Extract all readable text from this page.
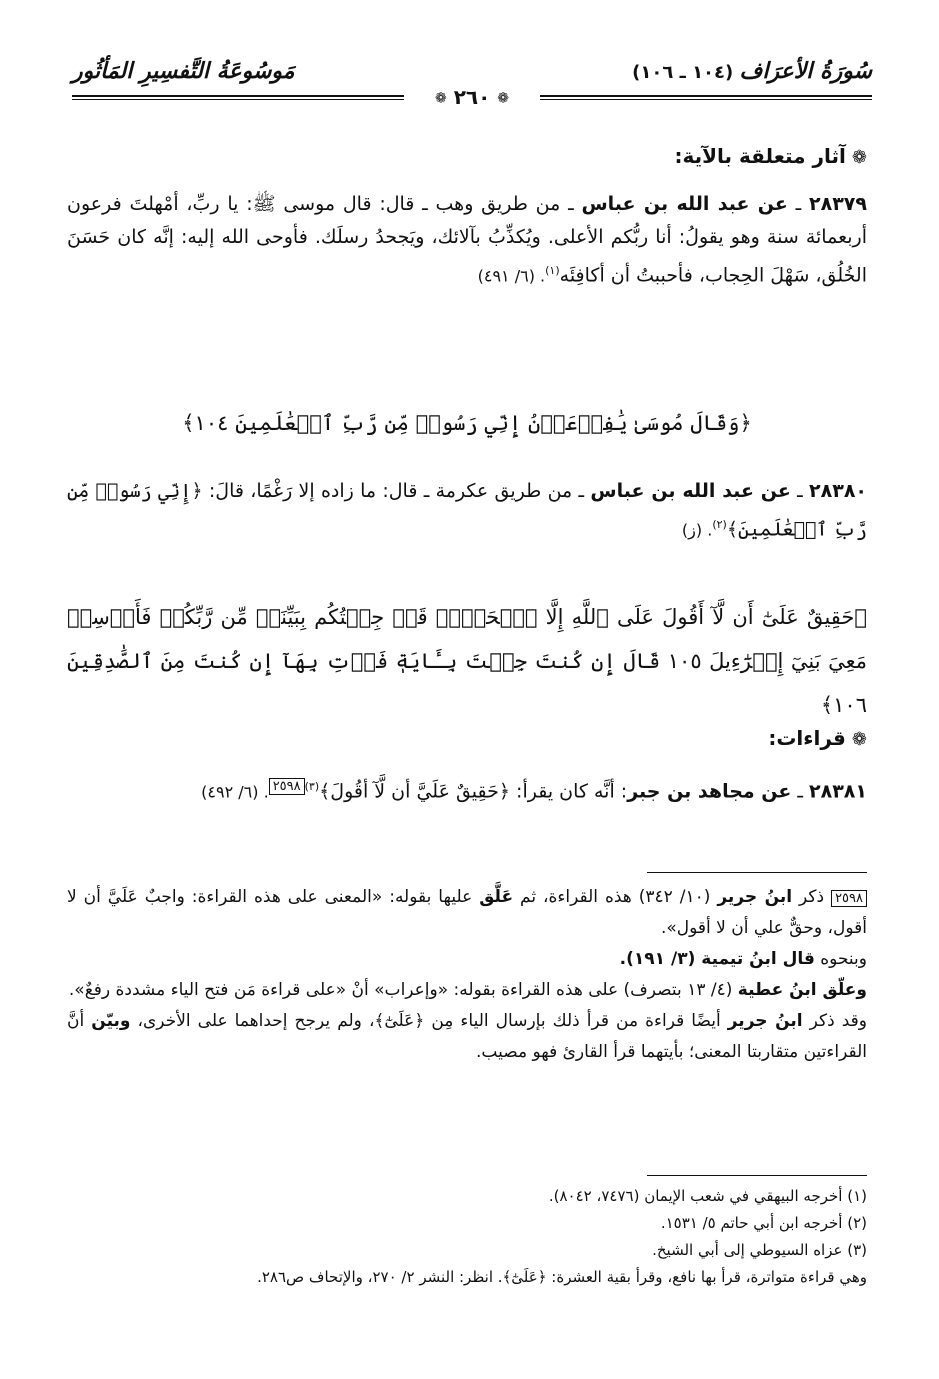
سُورَةُ الأعرَاف (١٠٤ ـ ١٠٦)
مَوسُوعَةُ التَّفسِيرِ المَأثُور
❁ ٢٦٠ ❁
❁آثار متعلقة بالآية:
٢٨٣٧٩ ـ عن عبد الله بن عباس ـ من طريق وهب ـ قال: قال موسى ﷺ: يا ربِّ، أمْهلتَ فرعون أربعمائة سنة وهو يقولُ: أنا ربُّكم الأعلى. ويُكذِّبُ بآلائك، ويَجحدُ رسلَك. فأوحى الله إليه: إنَّه كان حَسَنَ الخُلُق، سَهْلَ الحِجاب، فأحببتُ أن أكافِئَه$^{(١)}$. (٦/ ٤٩١)
﴿وَقَالَ مُوسَىٰ يَٰفِرۡعَوۡنُ إِنِّي رَسُولٞ مِّن رَّبِّ ٱلۡعَٰلَمِينَ ١٠٤﴾
٢٨٣٨٠ ـ عن عبد الله بن عباس ـ من طريق عكرمة ـ قال: ما زاده إلا رَغْمًا، قالَ: ﴿إِنِّي رَسُولٞ مِّن رَّبِّ ٱلۡعَٰلَمِينَ﴾$^{(٢)}$. (ز)
﴿حَقِيقٌ عَلَىٰٓ أَن لَّآ أَقُولَ عَلَى ٱللَّهِ إِلَّا ٱلۡحَقَّۚ قَدۡ جِئۡتُكُم بِبَيِّنَةٖ مِّن رَّبِّكُمۡ فَأَرۡسِلۡ مَعِيَ بَنِيٓ إِسۡرَٰٓءِيلَ ١٠٥ قَالَ إِن كُنتَ جِئۡتَ بِـَٔايَةٖ فَأۡتِ بِهَآ إِن كُنتَ مِنَ ٱلصَّٰدِقِينَ ١٠٦﴾
❁قراءات:
٢٨٣٨١ ـ عن مجاهد بن جبر: أنَّه كان يقرأ: ﴿حَقِيقٌ عَلَيَّ أن لَّآ أقُولَ﴾$^{(٣)٢٥٩٨}$. (٦/ ٤٩٢)
٢٥٩٨ ذكر ابنُ جرير (١٠/ ٣٤٢) هذه القراءة، ثم عَلَّق عليها بقوله: «المعنى على هذه القراءة: واجبٌ عَلَيَّ أن لا أقول، وحقٌّ علي أن لا أقول».
وبنحوه قال ابنُ تيمية (٣/ ١٩١).
وعلّق ابنُ عطية (٤/ ١٣ بتصرف) على هذه القراءة بقوله: «وإعراب» أنْ «على قراءة مَن فتح الياء مشددة رفعٌ».
وقد ذكر ابنُ جرير أيضًا قراءة من قرأ ذلك بإرسال الياء مِن ﴿عَلَىٰٓ﴾، ولم يرجح إحداهما على الأخرى، وبيّن أنَّ القراءتين متقاربتا المعنى؛ بأيتهما قرأ القارئ فهو مصيب.
(١) أخرجه البيهقي في شعب الإيمان (٧٤٧٦، ٨٠٤٢).
(٢) أخرجه ابن أبي حاتم ٥/ ١٥٣١.
(٣) عزاه السيوطي إلى أبي الشيخ.
وهي قراءة متواترة، قرأ بها نافع، وقرأ بقية العشرة: ﴿عَلَىٰٓ﴾. انظر: النشر ٢/ ٢٧٠، والإتحاف ص٢٨٦.
